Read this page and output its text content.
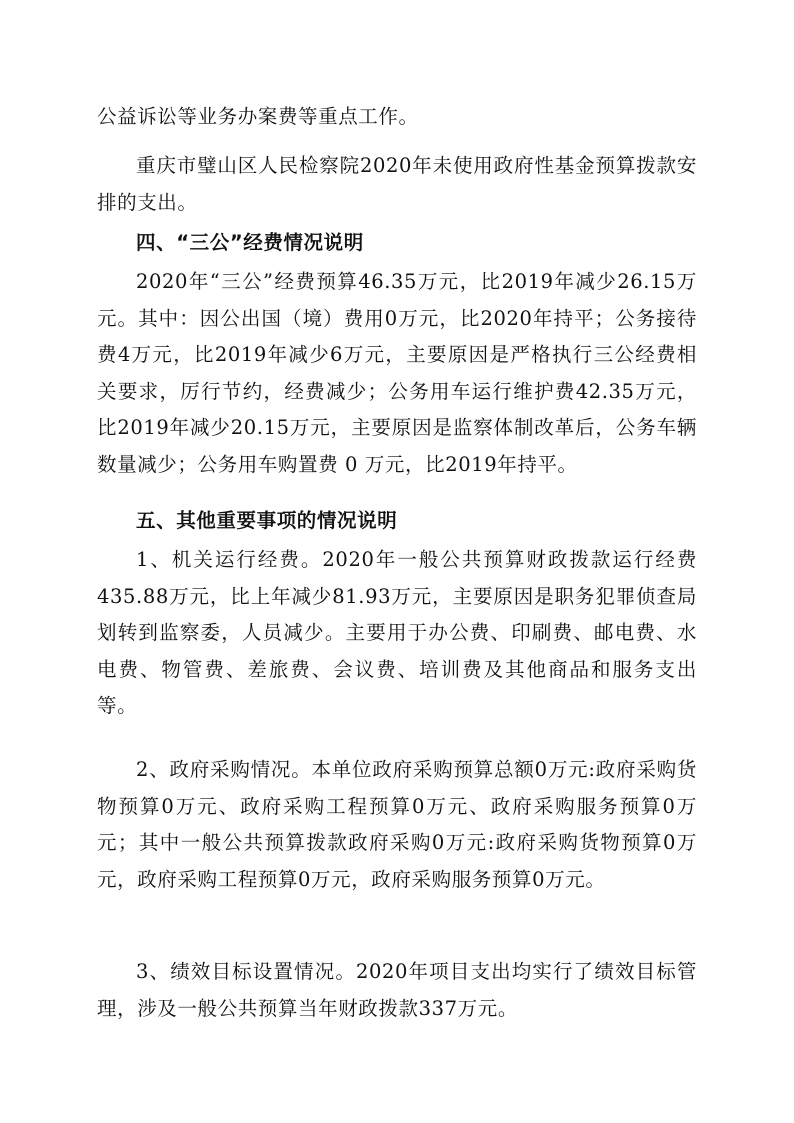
公益诉讼等业务办案费等重点工作。

重庆市璧山区人民检察院2020年未使用政府性基金预算拨款安排的支出。

四、“三公”经费情况说明

2020年“三公”经费预算46.35万元，比2019年减少26.15万元。其中：因公出国（境）费用0万元，比2020年持平；公务接待费4万元，比2019年减少6万元，主要原因是严格执行三公经费相关要求，厉行节约，经费减少；公务用车运行维护费42.35万元，比2019年减少20.15万元，主要原因是监察体制改革后，公务车辆数量减少；公务用车购置费 0 万元，比2019年持平。

五、其他重要事项的情况说明

1、机关运行经费。2020年一般公共预算财政拨款运行经费435.88万元，比上年减少81.93万元，主要原因是职务犯罪侦查局划转到监察委，人员减少。主要用于办公费、印刷费、邮电费、水电费、物管费、差旅费、会议费、培训费及其他商品和服务支出等。

2、政府采购情况。本单位政府采购预算总额0万元:政府采购货物预算0万元、政府采购工程预算0万元、政府采购服务预算0万元；其中一般公共预算拨款政府采购0万元:政府采购货物预算0万元，政府采购工程预算0万元，政府采购服务预算0万元。

3、绩效目标设置情况。2020年项目支出均实行了绩效目标管理，涉及一般公共预算当年财政拨款337万元。
